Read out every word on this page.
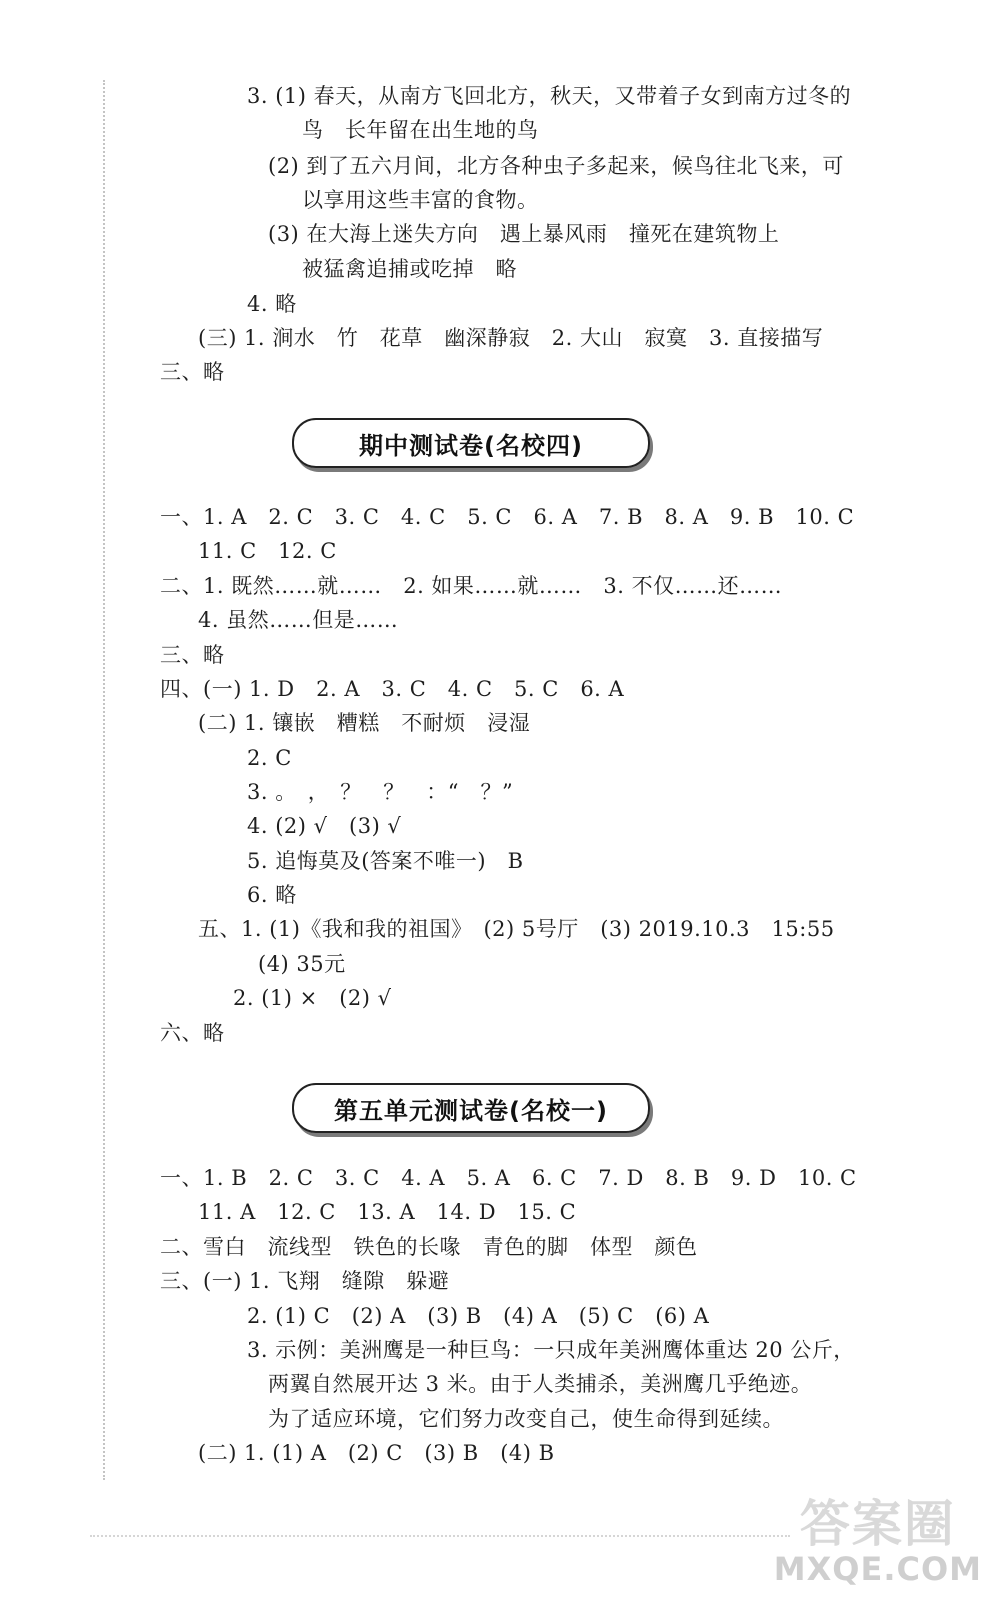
3. (1) 春天，从南方飞回北方，秋天，又带着子女到南方过冬的
鸟　长年留在出生地的鸟
(2) 到了五六月间，北方各种虫子多起来，候鸟往北飞来，可
以享用这些丰富的食物。
(3) 在大海上迷失方向　遇上暴风雨　撞死在建筑物上
被猛禽追捕或吃掉　略
4. 略
(三) 1. 涧水　竹　花草　幽深静寂　2. 大山　寂寞　3. 直接描写
三、略
期中测试卷(名校四)
一、1. A　2. C　3. C　4. C　5. C　6. A　7. B　8. A　9. B　10. C
11. C　12. C
二、1. 既然……就……　2. 如果……就……　3. 不仅……还……
4. 虽然……但是……
三、略
四、(一) 1. D　2. A　3. C　4. C　5. C　6. A
(二) 1. 镶嵌　糟糕　不耐烦　浸湿
2. C
3. 。　，　？　？　：“　？”
4. (2) √　(3) √
5. 追悔莫及(答案不唯一)　B
6. 略
五、1. (1)《我和我的祖国》　(2) 5号厅　(3) 2019.10.3　15:55
(4) 35元
2. (1) ×　(2) √
六、略
第五单元测试卷(名校一)
一、1. B　2. C　3. C　4. A　5. A　6. C　7. D　8. B　9. D　10. C
11. A　12. C　13. A　14. D　15. C
二、雪白　流线型　铁色的长喙　青色的脚　体型　颜色
三、(一) 1. 飞翔　缝隙　躲避
2. (1) C　(2) A　(3) B　(4) A　(5) C　(6) A
3. 示例：美洲鹰是一种巨鸟：一只成年美洲鹰体重达 20 公斤，
两翼自然展开达 3 米。由于人类捕杀，美洲鹰几乎绝迹。
为了适应环境，它们努力改变自己，使生命得到延续。
(二) 1. (1) A　(2) C　(3) B　(4) B
答案圈
MXQE.COM
